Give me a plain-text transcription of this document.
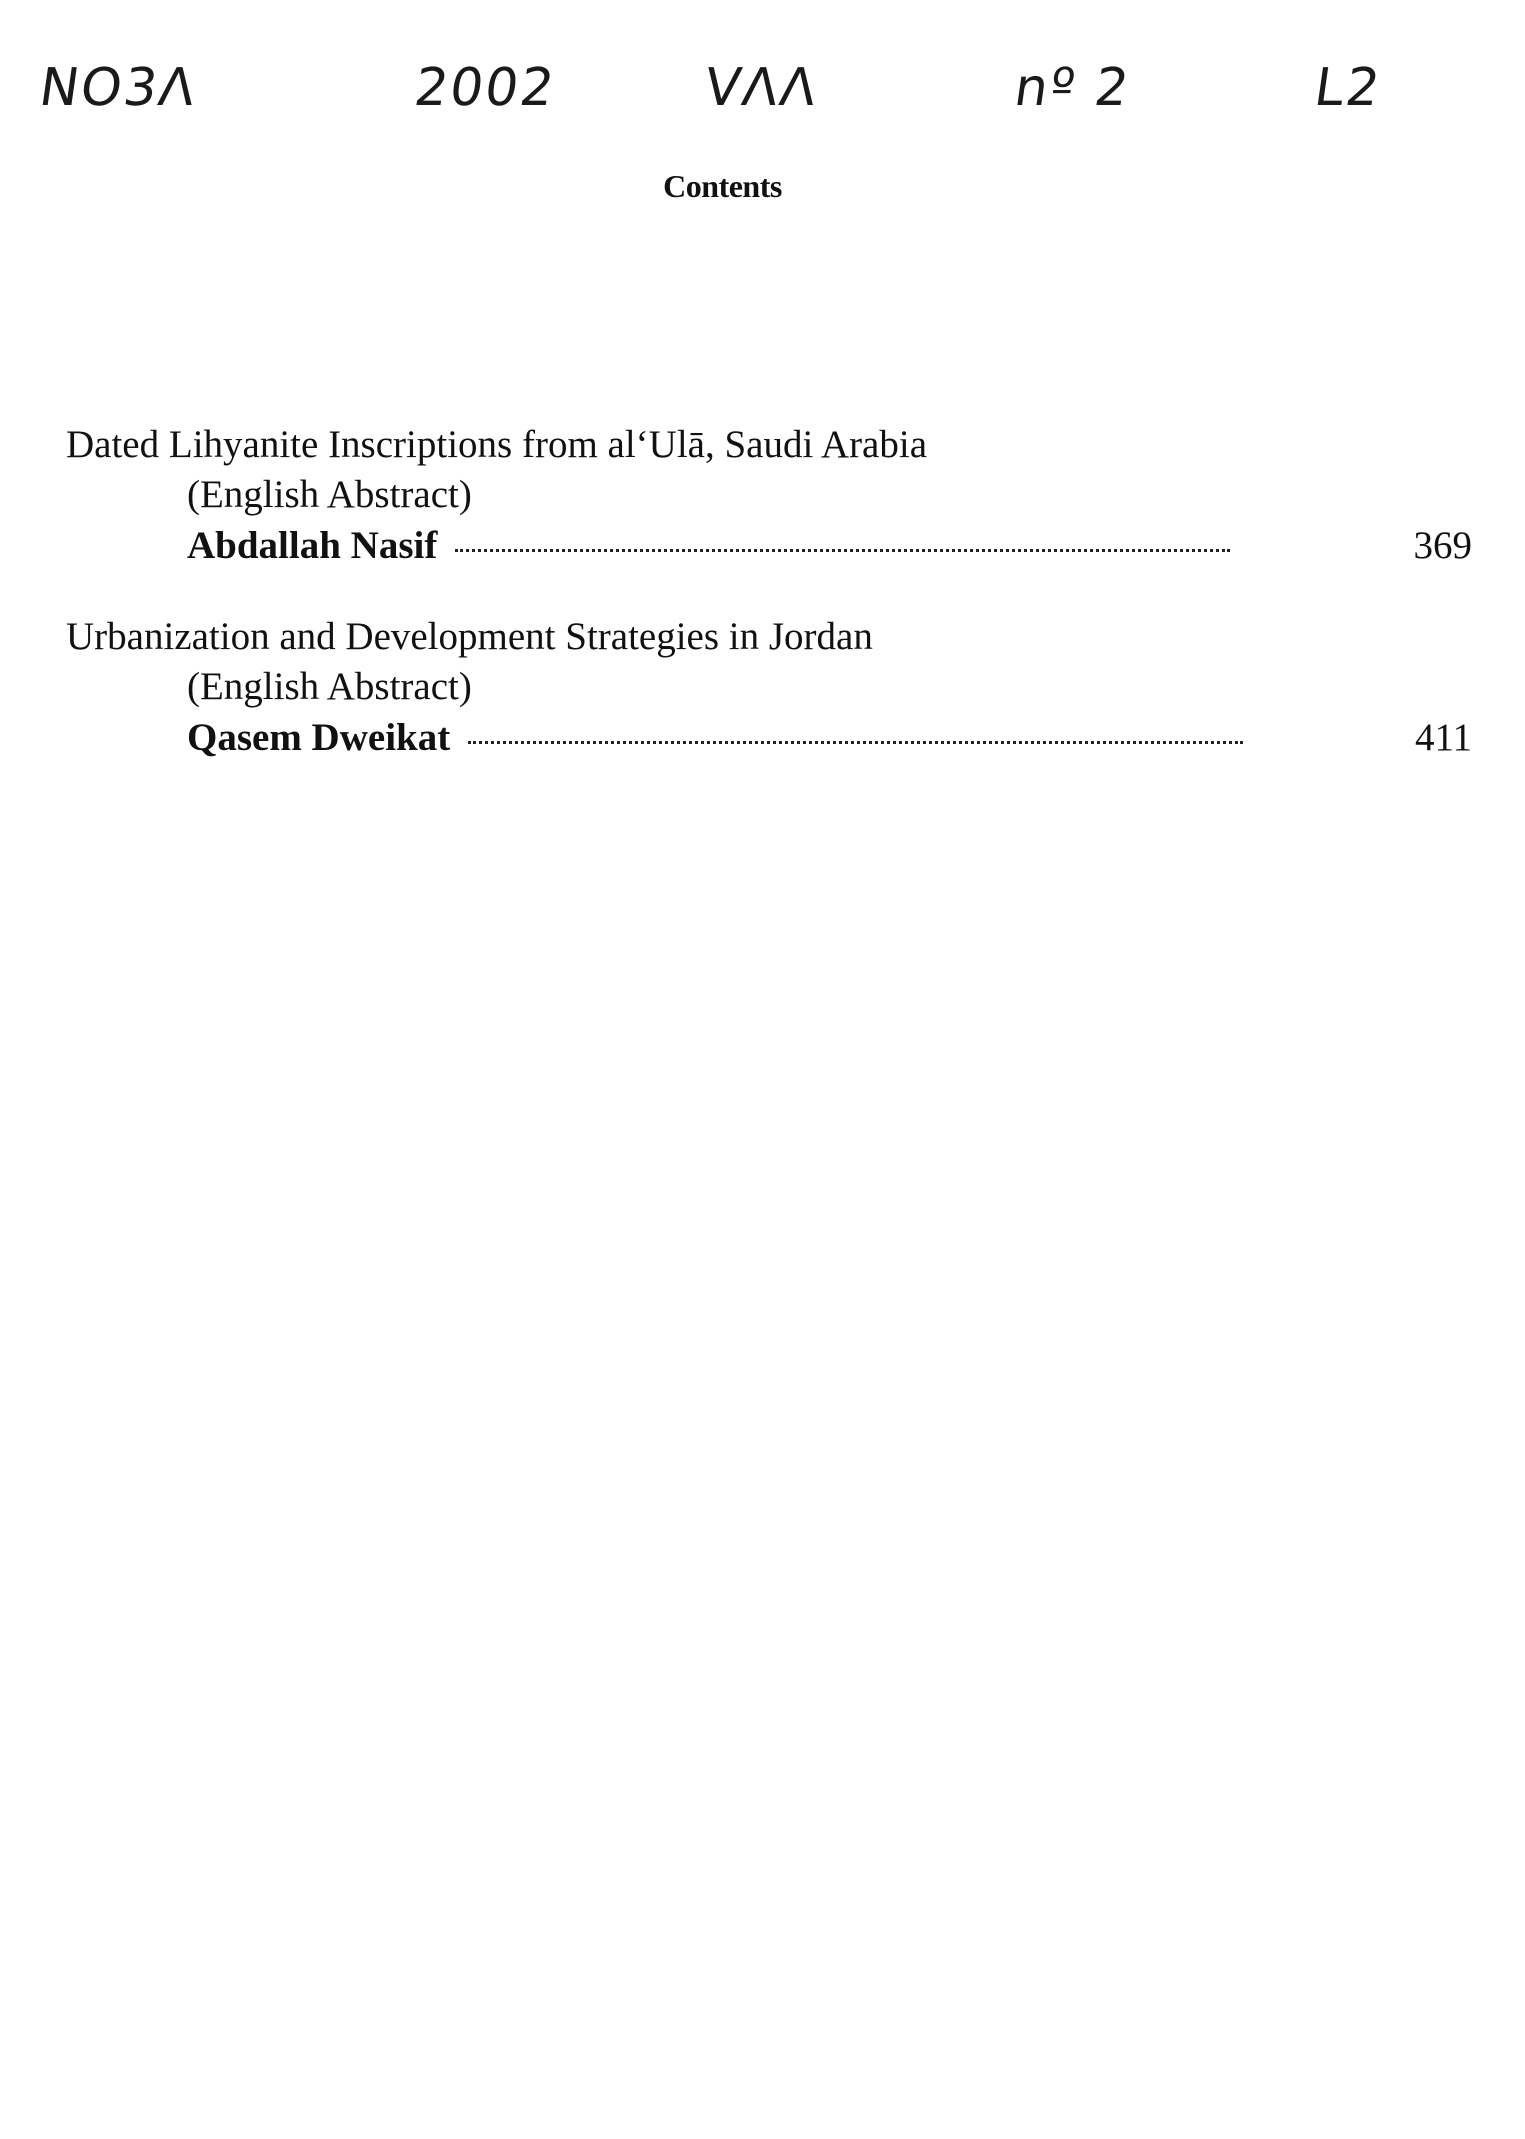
ΝΟ3Λ	2002	VΛΛ	nº 2	L2
Contents
Dated Lihyanite Inscriptions from al‘Ulā, Saudi Arabia
(English Abstract)
Abdallah Nasif	369
Urbanization and Development Strategies in Jordan
(English Abstract)
Qasem Dweikat	411
